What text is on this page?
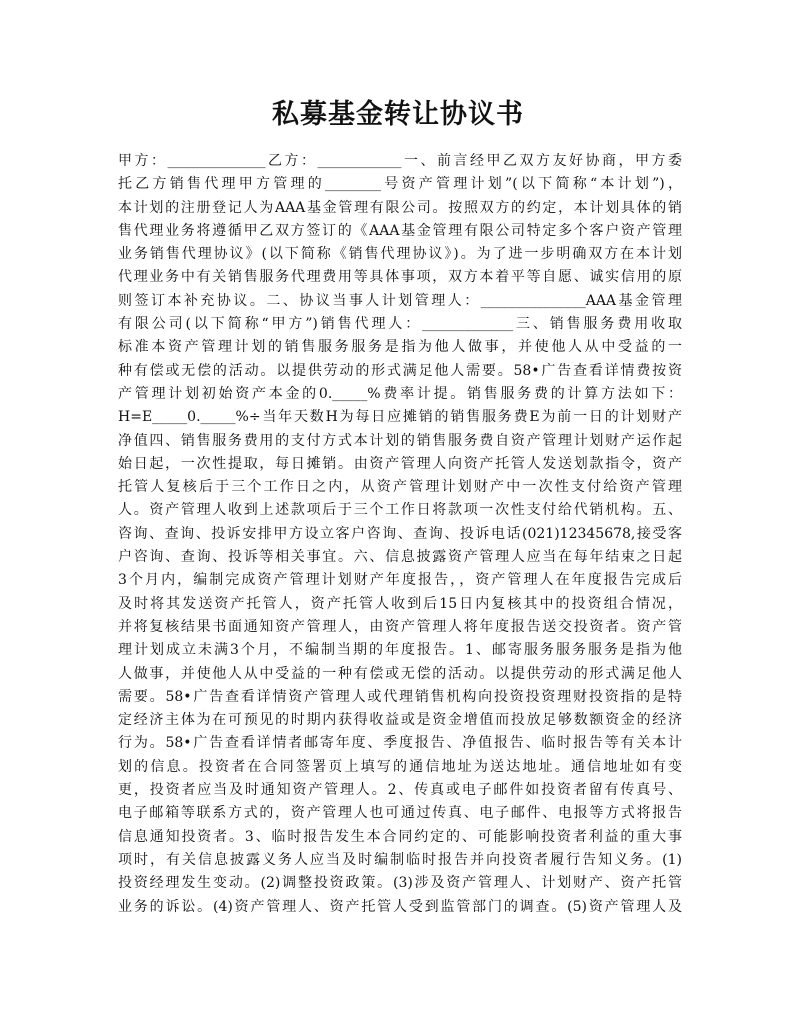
私募基金转让协议书
甲方：______________乙方：____________一、前言经甲乙双方友好协商，甲方委
托乙方销售代理甲方管理的________号资产管理计划”(以下简称“本计划”)，
本计划的注册登记人为AAA基金管理有限公司。按照双方的约定，本计划具体的销
售代理业务将遵循甲乙双方签订的《AAA基金管理有限公司特定多个客户资产管理
业务销售代理协议》(以下简称《销售代理协议》)。为了进一步明确双方在本计划
代理业务中有关销售服务代理费用等具体事项，双方本着平等自愿、诚实信用的原
则签订本补充协议。二、协议当事人计划管理人：_______________AAA基金管理
有限公司(以下简称“甲方”)销售代理人：_____________三、销售服务费用收取
标准本资产管理计划的销售服务服务是指为他人做事，并使他人从中受益的一
种有偿或无偿的活动。以提供劳动的形式满足他人需要。58•广告查看详情费按资
产管理计划初始资产本金的0._____%费率计提。销售服务费的计算方法如下：
H=E_____0._____%÷当年天数H为每日应摊销的销售服务费E为前一日的计划财产
净值四、销售服务费用的支付方式本计划的销售服务费自资产管理计划财产运作起
始日起，一次性提取，每日摊销。由资产管理人向资产托管人发送划款指令，资产
托管人复核后于三个工作日之内，从资产管理计划财产中一次性支付给资产管理
人。资产管理人收到上述款项后于三个工作日将款项一次性支付给代销机构。五、
咨询、查询、投诉安排甲方设立客户咨询、查询、投诉电话(021)12345678,接受客
户咨询、查询、投诉等相关事宜。六、信息披露资产管理人应当在每年结束之日起
3个月内，编制完成资产管理计划财产年度报告，，资产管理人在年度报告完成后
及时将其发送资产托管人，资产托管人收到后15日内复核其中的投资组合情况，
并将复核结果书面通知资产管理人，由资产管理人将年度报告送交投资者。资产管
理计划成立未满3个月，不编制当期的年度报告。1、邮寄服务服务服务是指为他
人做事，并使他人从中受益的一种有偿或无偿的活动。以提供劳动的形式满足他人
需要。58•广告查看详情资产管理人或代理销售机构向投资投资理财投资指的是特
定经济主体为在可预见的时期内获得收益或是资金增值而投放足够数额资金的经济
行为。58•广告查看详情者邮寄年度、季度报告、净值报告、临时报告等有关本计
划的信息。投资者在合同签署页上填写的通信地址为送达地址。通信地址如有变
更，投资者应当及时通知资产管理人。2、传真或电子邮件如投资者留有传真号、
电子邮箱等联系方式的，资产管理人也可通过传真、电子邮件、电报等方式将报告
信息通知投资者。3、临时报告发生本合同约定的、可能影响投资者利益的重大事
项时，有关信息披露义务人应当及时编制临时报告并向投资者履行告知义务。(1)
投资经理发生变动。(2)调整投资政策。(3)涉及资产管理人、计划财产、资产托管
业务的诉讼。(4)资产管理人、资产托管人受到监管部门的调查。(5)资产管理人及
